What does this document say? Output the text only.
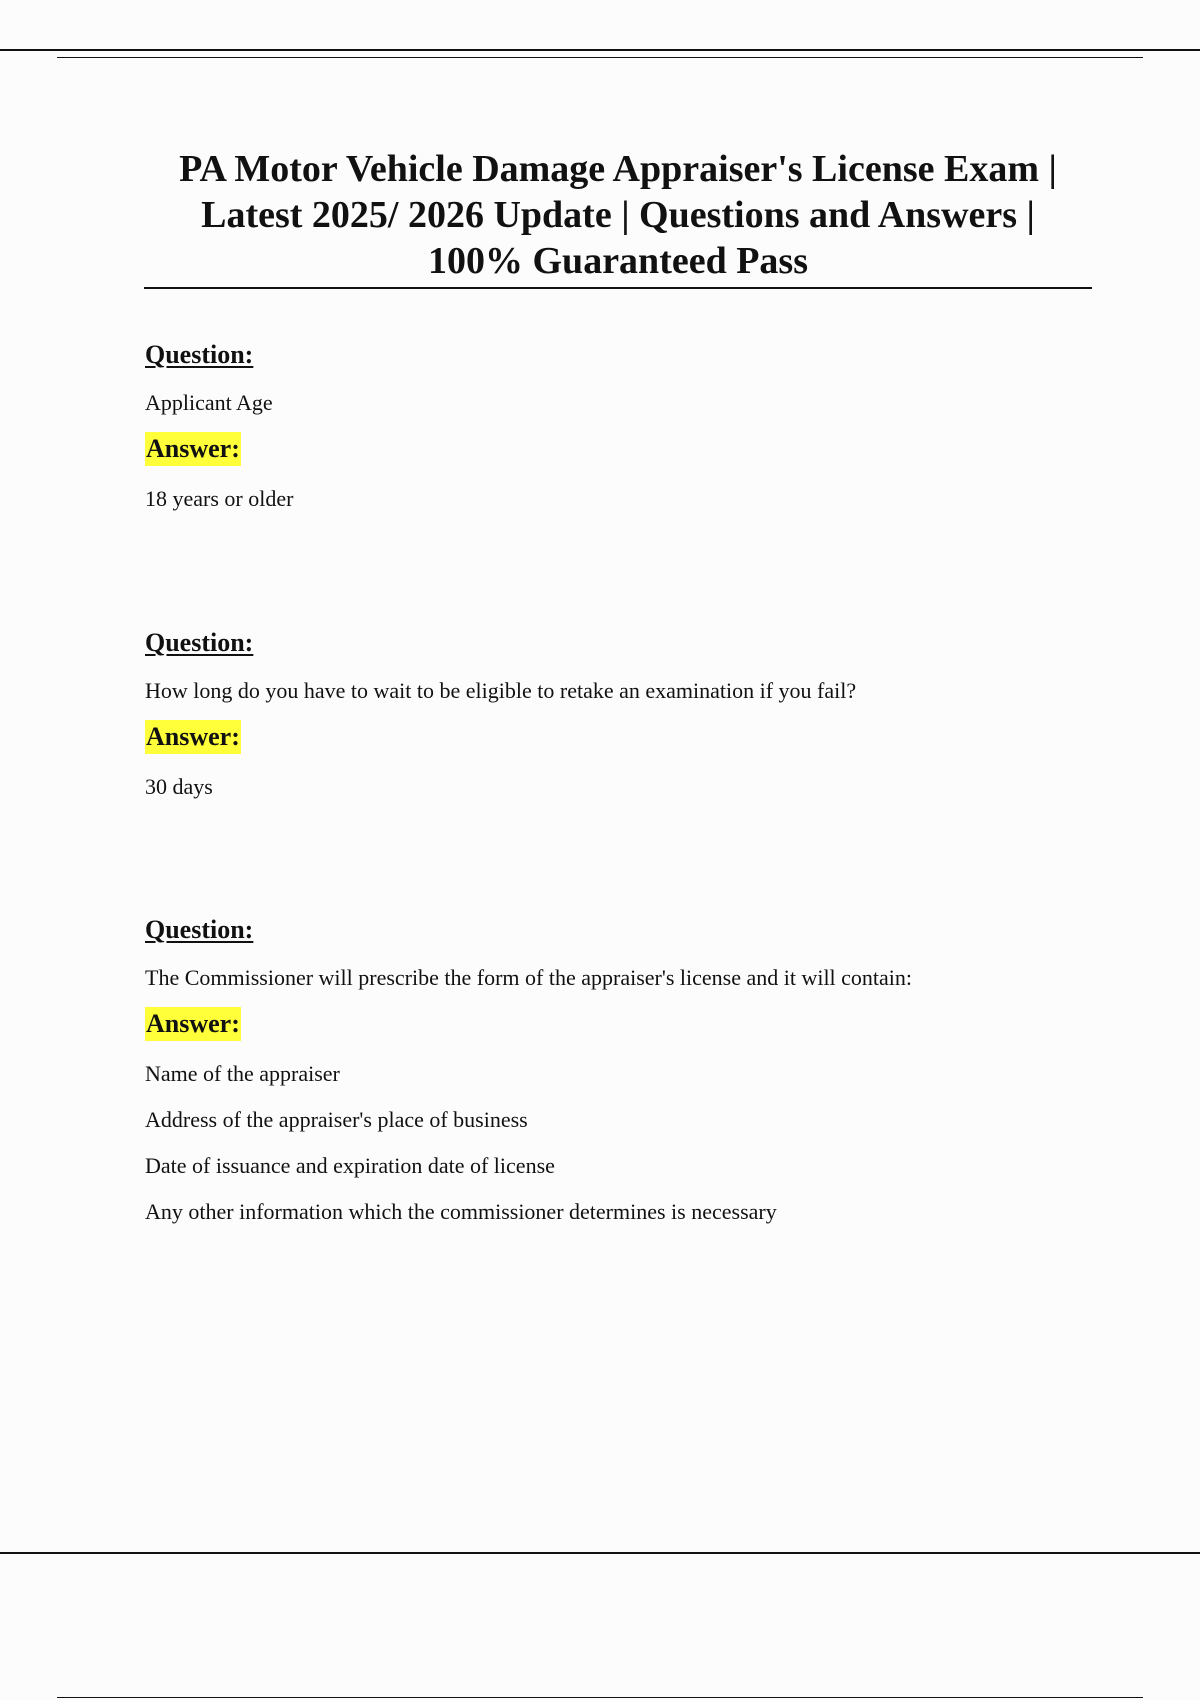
PA Motor Vehicle Damage Appraiser's License Exam |
Latest 2025/ 2026 Update | Questions and Answers |
100% Guaranteed Pass

Question:

Applicant Age

Answer:

18 years or older

Question:

How long do you have to wait to be eligible to retake an examination if you fail?

Answer:

30 days

Question:

The Commissioner will prescribe the form of the appraiser's license and it will contain:

Answer:

Name of the appraiser

Address of the appraiser's place of business

Date of issuance and expiration date of license

Any other information which the commissioner determines is necessary
